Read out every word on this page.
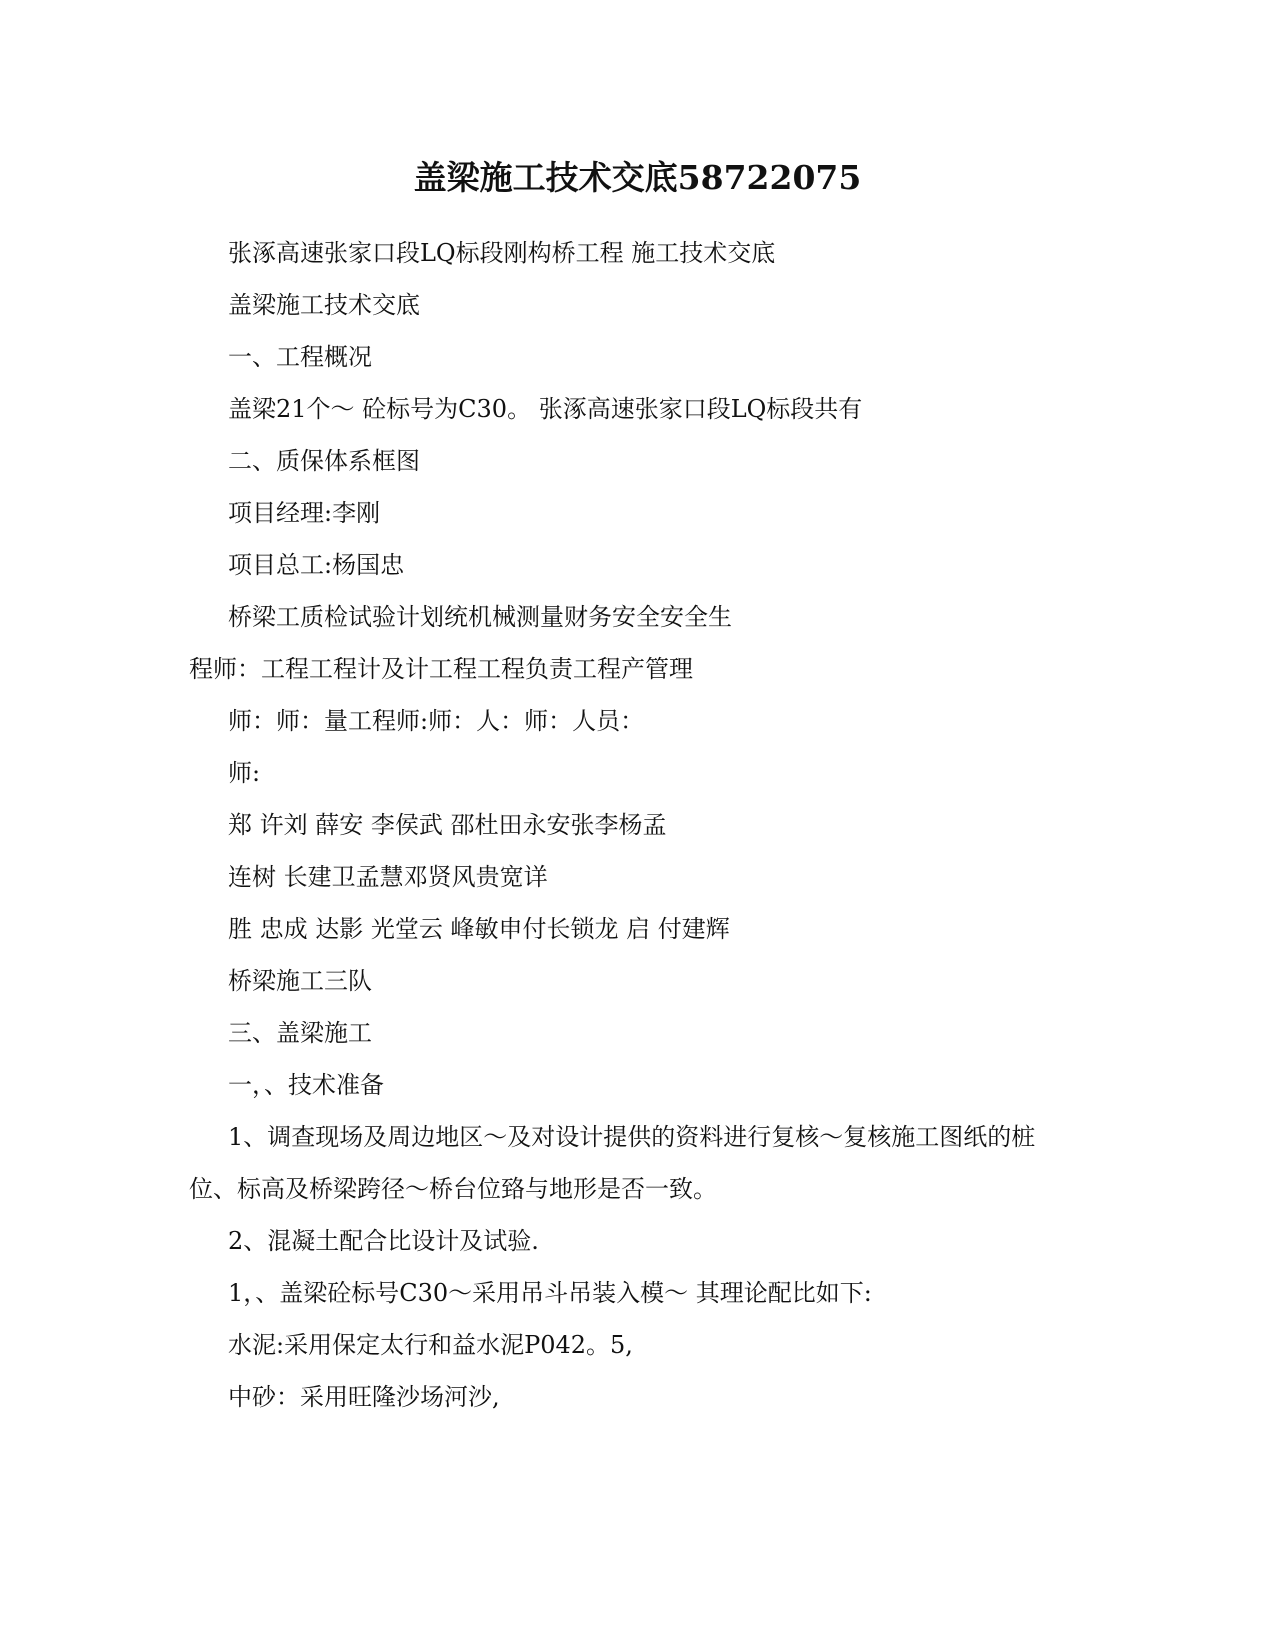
盖梁施工技术交底58722075
张涿高速张家口段LQ标段刚构桥工程 施工技术交底
盖梁施工技术交底
一、工程概况
盖梁21个～ 砼标号为C30。 张涿高速张家口段LQ标段共有
二、质保体系框图
项目经理:李刚
项目总工:杨国忠
桥梁工质检试验计划统机械测量财务安全安全生
程师：工程工程计及计工程工程负责工程产管理
师：师：量工程师:师：人：师：人员：
师:
郑 许刘 薛安 李侯武 邵杜田永安张李杨孟
连树 长建卫孟慧邓贤风贵宽详
胜 忠成 达影 光堂云 峰敏申付长锁龙 启 付建辉
桥梁施工三队
三、盖梁施工
一，、技术准备
1、调查现场及周边地区～及对设计提供的资料进行复核～复核施工图纸的桩
位、标高及桥梁跨径～桥台位臵与地形是否一致。
2、混凝土配合比设计及试验.
1，、盖梁砼标号C30～采用吊斗吊装入模～ 其理论配比如下:
水泥:采用保定太行和益水泥P042。5,
中砂：采用旺隆沙场河沙,
